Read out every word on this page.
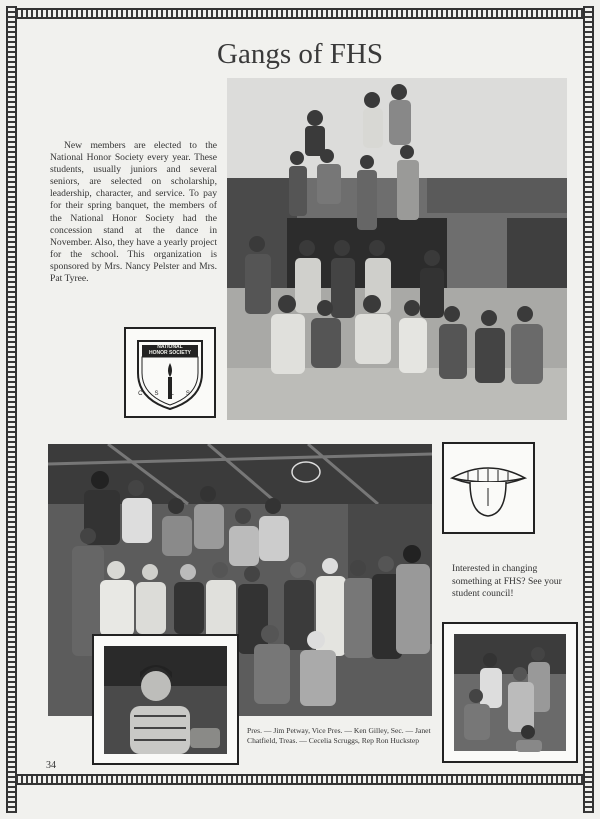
Gangs of FHS
New members are elected to the National Honor Society every year. These students, usually juniors and several seniors, are selected on scholarship, leadership, character, and service. To pay for their spring banquet, the members of the National Honor Society had the concession stand at the dance in November. Also, they have a yearly project for the school. This organization is sponsored by Mrs. Nancy Pelster and Mrs. Pat Tyree.
CSLS
NATIONAL
HONOR SOCIETY
Pres. — Jim Petway, Vice Pres. — Ken Gilley, Sec. — Janet Chatfield, Treas. — Cecelia Scruggs, Rep Ron Huckstep
Interested in changing something at FHS? See your student council!
34
